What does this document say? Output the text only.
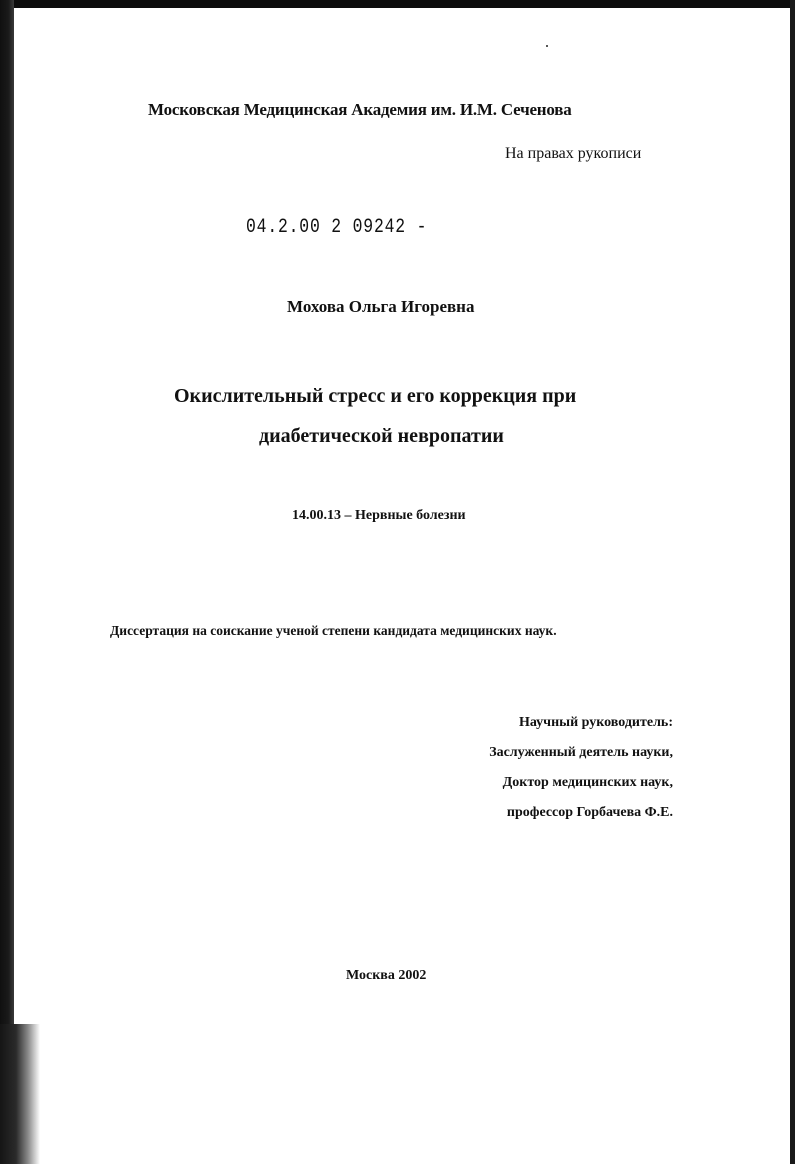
Московская Медицинская Академия им. И.М. Сеченова
На правах рукописи
04.2.00 2 09242 -
Мохова Ольга Игоревна
Окислительный стресс и его коррекция при
диабетической невропатии
14.00.13 – Нервные болезни
Диссертация на соискание ученой степени кандидата медицинских наук.
Научный руководитель:
Заслуженный деятель науки,
Доктор медицинских наук,
профессор Горбачева Ф.Е.
Москва 2002
